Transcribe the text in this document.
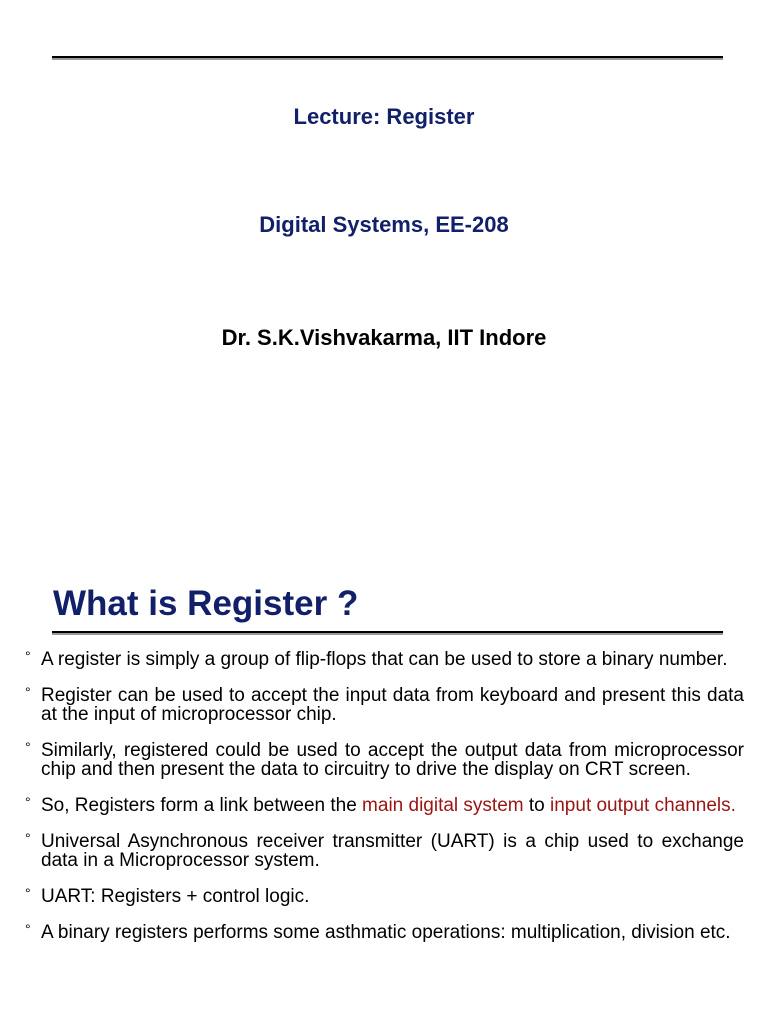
Lecture: Register
Digital Systems, EE-208
Dr. S.K.Vishvakarma, IIT Indore
What is Register ?
° A register is simply a group of flip-flops that can be used to store a binary number.
° Register can be used to accept the input data from keyboard and present this data at the input of microprocessor chip.
° Similarly, registered could be used to accept the output data from microprocessor chip and then present the data to circuitry to drive the display on CRT screen.
° So, Registers form a link between the main digital system to input output channels.
° Universal Asynchronous receiver transmitter (UART) is a chip used to exchange data in a Microprocessor system.
° UART: Registers + control logic.
° A binary registers performs some asthmatic operations: multiplication, division etc.
